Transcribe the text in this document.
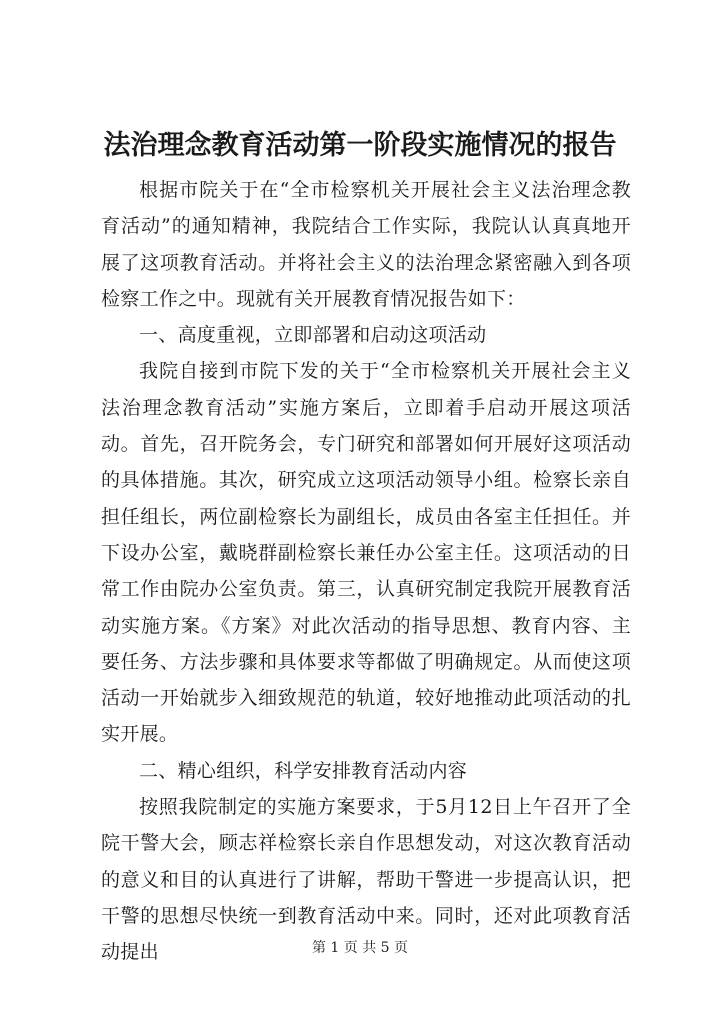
法治理念教育活动第一阶段实施情况的报告

根据市院关于在“全市检察机关开展社会主义法治理念教育活动”的通知精神，我院结合工作实际，我院认认真真地开展了这项教育活动。并将社会主义的法治理念紧密融入到各项检察工作之中。现就有关开展教育情况报告如下：

一、高度重视，立即部署和启动这项活动

我院自接到市院下发的关于“全市检察机关开展社会主义法治理念教育活动”实施方案后，立即着手启动开展这项活动。首先，召开院务会，专门研究和部署如何开展好这项活动的具体措施。其次，研究成立这项活动领导小组。检察长亲自担任组长，两位副检察长为副组长，成员由各室主任担任。并下设办公室，戴晓群副检察长兼任办公室主任。这项活动的日常工作由院办公室负责。第三，认真研究制定我院开展教育活动实施方案。《方案》对此次活动的指导思想、教育内容、主要任务、方法步骤和具体要求等都做了明确规定。从而使这项活动一开始就步入细致规范的轨道，较好地推动此项活动的扎实开展。

二、精心组织，科学安排教育活动内容

按照我院制定的实施方案要求，于5月12日上午召开了全院干警大会，顾志祥检察长亲自作思想发动，对这次教育活动的意义和目的认真进行了讲解，帮助干警进一步提高认识，把干警的思想尽快统一到教育活动中来。同时，还对此项教育活动提出	第 1 页 共 5 页
